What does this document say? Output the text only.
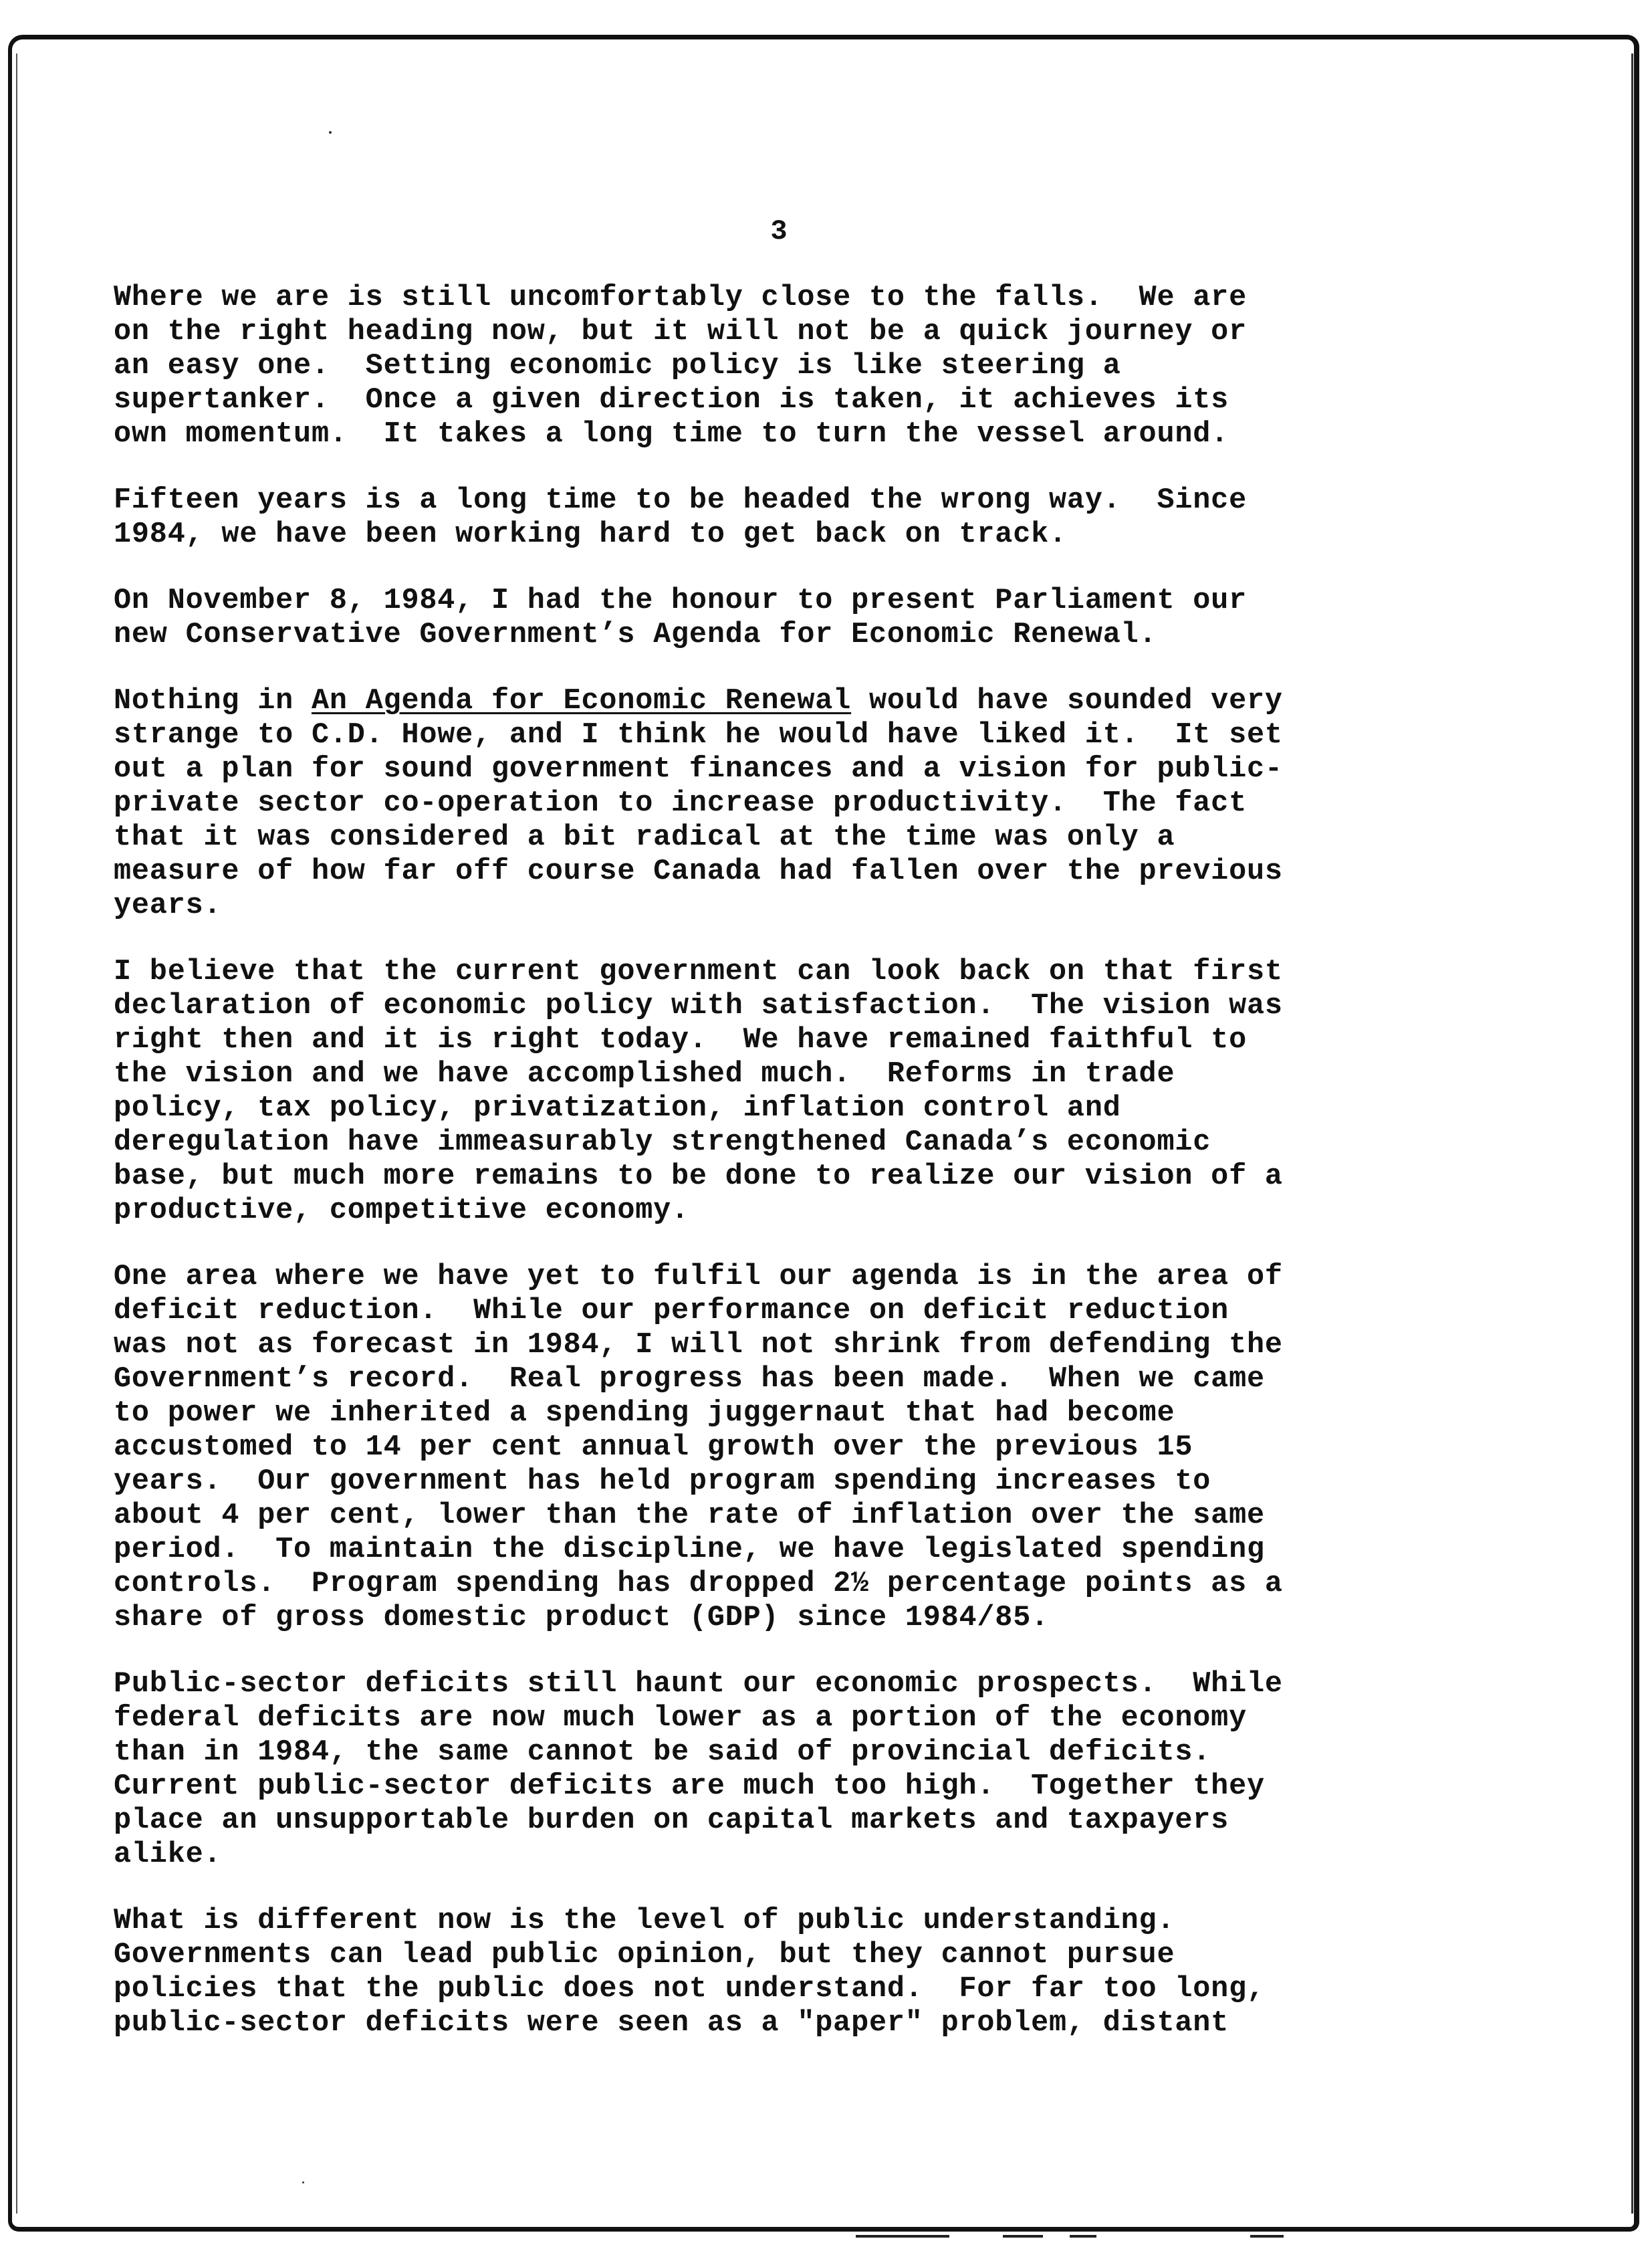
3

Where we are is still uncomfortably close to the falls.  We are
on the right heading now, but it will not be a quick journey or
an easy one.  Setting economic policy is like steering a
supertanker.  Once a given direction is taken, it achieves its
own momentum.  It takes a long time to turn the vessel around.

Fifteen years is a long time to be headed the wrong way.  Since
1984, we have been working hard to get back on track.

On November 8, 1984, I had the honour to present Parliament our
new Conservative Government’s Agenda for Economic Renewal.

Nothing in An Agenda for Economic Renewal would have sounded very
strange to C.D. Howe, and I think he would have liked it.  It set
out a plan for sound government finances and a vision for public-
private sector co-operation to increase productivity.  The fact
that it was considered a bit radical at the time was only a
measure of how far off course Canada had fallen over the previous
years.

I believe that the current government can look back on that first
declaration of economic policy with satisfaction.  The vision was
right then and it is right today.  We have remained faithful to
the vision and we have accomplished much.  Reforms in trade
policy, tax policy, privatization, inflation control and
deregulation have immeasurably strengthened Canada’s economic
base, but much more remains to be done to realize our vision of a
productive, competitive economy.

One area where we have yet to fulfil our agenda is in the area of
deficit reduction.  While our performance on deficit reduction
was not as forecast in 1984, I will not shrink from defending the
Government’s record.  Real progress has been made.  When we came
to power we inherited a spending juggernaut that had become
accustomed to 14 per cent annual growth over the previous 15
years.  Our government has held program spending increases to
about 4 per cent, lower than the rate of inflation over the same
period.  To maintain the discipline, we have legislated spending
controls.  Program spending has dropped 2½ percentage points as a
share of gross domestic product (GDP) since 1984/85.

Public-sector deficits still haunt our economic prospects.  While
federal deficits are now much lower as a portion of the economy
than in 1984, the same cannot be said of provincial deficits.
Current public-sector deficits are much too high.  Together they
place an unsupportable burden on capital markets and taxpayers
alike.

What is different now is the level of public understanding.
Governments can lead public opinion, but they cannot pursue
policies that the public does not understand.  For far too long,
public-sector deficits were seen as a "paper" problem, distant
